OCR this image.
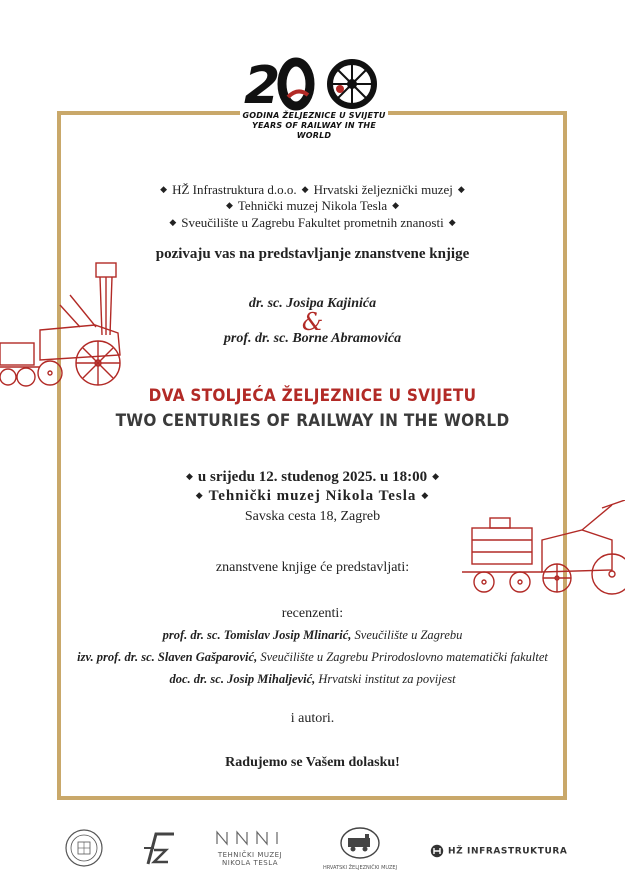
2
GODINA ŽELJEZNICE U SVIJETU
YEARS OF RAILWAY IN THE WORLD
◆ HŽ Infrastruktura d.o.o. ◆ Hrvatski željeznički muzej ◆
◆ Tehnički muzej Nikola Tesla ◆
◆ Sveučilište u Zagrebu Fakultet prometnih znanosti ◆
pozivaju vas na predstavljanje znanstvene knjige
dr. sc. Josipa Kajinića
&
prof. dr. sc. Borne Abramovića
DVA STOLJEĆA ŽELJEZNICE U SVIJETU
TWO CENTURIES OF RAILWAY IN THE WORLD
◆ u srijedu 12. studenog 2025. u 18:00 ◆
◆ Tehnički muzej Nikola Tesla ◆
Savska cesta 18, Zagreb
znanstvene knjige će predstavljati:
recenzenti:
prof. dr. sc. Tomislav Josip Mlinarić, Sveučilište u Zagrebu
izv. prof. dr. sc. Slaven Gašparović, Sveučilište u Zagrebu Prirodoslovno matematički fakultet
doc. dr. sc. Josip Mihaljević, Hrvatski institut za povijest
i autori.
Radujemo se Vašem dolasku!
TEHNIČKI MUZEJ
NIKOLA TESLA
HRVATSKI ŽELJEZNIČKI MUZEJ
HŽ INFRASTRUKTURA
